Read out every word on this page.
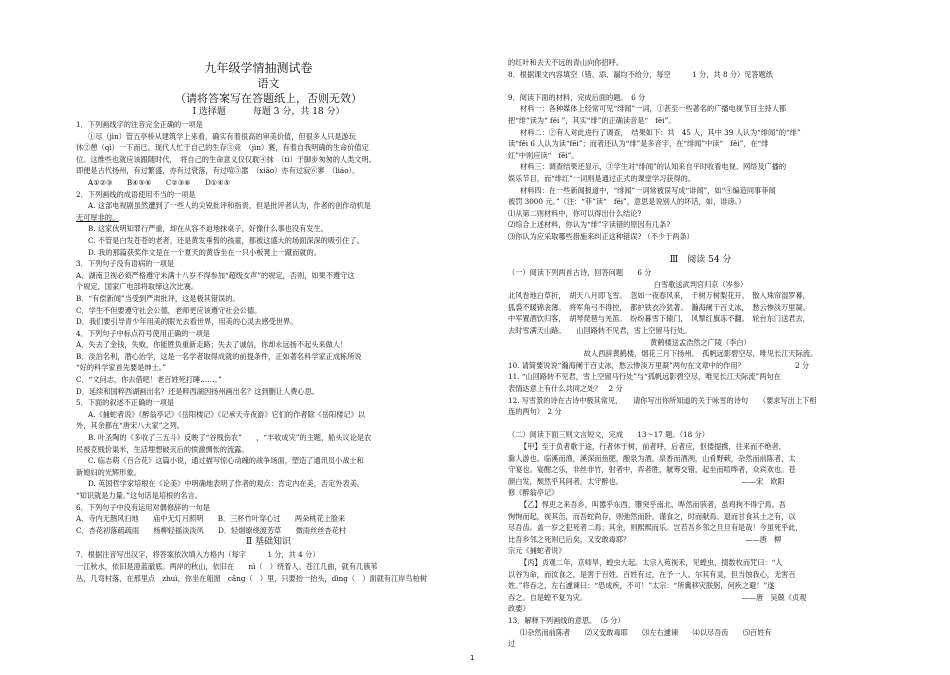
九年级学情抽测试卷
语文
（请将答案写在答题纸上，否则无效）
Ⅰ 选择题　　　每题 3 分，共 18 分）
1．下列画线字的注音完全正确的一项是
①尽（jìn）管五亭桥从建筑学上来看，确实有着很高的审美价值，但很多人只是游玩
休②憩（qì）一下而已。现代人忙于自己的生存③竞　（jìn）赛，有着自我明确的生命价值定
位。这维些也就应该跟随时代，　将自己的生命意义仅仅耽④抹　（tì）于脚步匆匆的人类文明。
即便是古代扬州，有过繁盛，亦有过衰落，有过喧⑤嚣　（xiāo）亦有过寂⑥寥　（liáo）。
A①②③　　B④⑤⑥　　C②③⑥　　D①④⑤
2．下列画线的成语使用不当的一项是
A. 这部电视剧虽然遭到了一些人的尖锐批评和指责，但是批评者认为，作者的创作动机是
无可厚非的。
B. 这家伙明知罪行严重，却在从容不迫地抹桌子，好像什么事也没有发生。
C. 不管是白发苍苍的老者，还是黄发垂髫的孩童，都被这盛大的场面深深的吸引住了。
D. 我的那篇获奖作文是在一个夏天的黄昏坐在一只小板凳上一蹴而就的。
3．下列句子没有语病的一项是
A．湖南卫视必须严格遵守未满十八岁不得参加“超级女声”的规定，否则，如果不遵守这
个规定，国家广电部将取缔这次比赛。
B．“有偿新闻”当受到严肃批评，这是极其错误的。
C．学生不但要遵守社会公德，老师更应该遵守社会公德。
D．我们要引导青少年用美的眼光去看世界，用美的心灵去感受世界。
4．下列句子中标点符号使用正确的一项是
A．失去了金钱，失败，你能胜负重新走路；失去了诚信，你却永远扬不起头来做人！
B．淡泊名利，潜心治学，这是一名学者取得成就的前提条件，正如著名科学家正成栋所说
“好的科学家首先要是绅士。”
C．“文问志，你去借吧！老百姓死打睡……。”
D．延续和国粹西湖画出名？还是粹西湖因扬州画出名？这到删让人费心思。
5．下面的叙述不正确的一项是
A.《捕蛇者说》《醉翁亭记》《岳阳楼记》《记承天寺夜游》它们的作者除《岳阳楼记》以
外，其余都在“唐宋八大家”之列。
B. 叶圣陶的《多收了三五斗》反映了“谷贱伤农”　　，“丰收成灾”的主题，船头议论是农
民被克贱价渠米，生活埋想破灭后的愤激惆怅的流露。
C. 临志萌《百合花》这篇小说，通过描写惊心动魄的战争场面，塑造了通讯员小战士和
新媳妇的光辉形象。
D. 英国哲学家培根在《论美》中明确地表明了作者的观点：肯定内在美，否定外表美。
“知识就是力量。”这句话是培根的名言。
6．下列句子中没有运用对偶修辞的一句是
A．寺内无鹊风扫地　　庙中无灯月照明　　B．三杯竹叶穿心过　　两朵桃花上脸来
C．杏花初落疏疏雨　　杨柳轻摇淡淡风　　D．轻烟缭绕渡芳草　　微雨丝丝杏花村
Ⅱ 基础知识
7．根据注音写出汉字，将答案依次填入方格内（每字　　　1 分，共 4 分）
一江秋水，依旧是澄蓝澈底。两岸的秋山，依旧在　　nì（　）绕着人。苍江几曲，就有几簇苇
丛，几弯村落，在那里点　zhuì，你坐在船窗　cǎng（　）里，只要抬一抬头，dìng（　）面就有江岸鸟柏树
的红叶和去天不远的青山向你招呼。
8．根据课文内容填空（错、添、漏均不给分，每空　　　1 分，共 8 分）见答题纸
9．阅读下面的材料，完成后面的题。　6 分
材料一：各种媒体上经常可见“绯闻”一词，①甚至一些著名的广播电视节目主持人都
把“绯”读为“ fěi ”，其实“绯”的正确读音是“　fēi”。
材料二：②有人对此进行了调查，　结果如下：共　45 人，其中 39 人认为“绯闻”的“绯”
读“fěi 6 人认为读“fēi”；而者还认为“绯”是多音字，在“绯闻”中读“　fěi”，在“绯
红”中则应读“　fēi”。
材料三：调查结果还显示，③学生对“绯闻”的认知来自平时收看电视、网络及广播的
娱乐节目，而“绯红”一词则是通过正式的课堂学习获得的。
材料四：在一些新闻报道中，“绯闻”一词常被误写成“诽闻”，如“④编造同事菲闻
被罚 3000 元。”（注：“菲”读“　fěi”，意思是说别人的坏话，如，诽谤。）
⑴从第二则材料中，你可以得出什么结论?
⑵综合上述材料，你认为“绯”字读错的原因有几条?
⑶你认为应采取哪些措施来纠正这种错误? （不少于两条）
Ⅲ　阅读 54 分
（一）阅读下列两首古诗，回答问题　　6 分
白雪歌送武判官归京（岑参）
北风卷地白草折，　胡天八月即飞雪。　忽如一夜春风来，　千树万树梨花开。　散入珠帘湿罗幕，
狐裘不暖锦衾薄。　将军角弓不得控，　都护铁衣冷犹著。　瀚海阑干百丈冰，　愁云惨淡万里凝。
中军置酒饮归客，　胡琴琵琶与羌笛。　纷纷暮雪下辕门，　风掣红旗冻不翻。　轮台东门送君去，
去时雪满天山路。　　山回路转不见君，雪上空留马行处。
黄鹤楼送孟浩然之广陵（李白）
故人西辞黄鹤楼，烟花三月下扬州。　孤帆远影碧空尽，唯见长江天际流。
10. 请简要说说“瀚海阑干百丈冰，愁云惨淡万里凝”两句在文章中的作用？　　　　　　　2 分
11. “山回路转不见君，雪上空留马行处”与“孤帆远影碧空尽，唯见长江天际流”两句在
表情达意上有什么共同之处？　2 分
12. 写雪景的诗在古诗中极其常见，　　请你写出你所知道的关于咏雪的诗句　　（要求写出上下相
连的两句）　2 分
（二）阅读下面三则文言短文，完成　　13～17 题。（18 分）
【甲】至于负者歌于途，行者休于树，前者呼，后者应，伛偻提携，往来而不绝者，
滁人游也。临溪而渔，溪深而鱼肥，酿泉为酒，泉香而酒洌，山肴野蔌，杂然而前陈者，太
守宴也。宴酣之乐，非丝非竹，射者中，弈者胜，觥筹交错，起坐而喧哗者，众宾欢也。苍
颜白发，颓然乎其间者，太守醉也。　　　　　　　　　　　　　　　　　——宋　欧阳
修《醉翁亭记》
【乙】悍吏之来吾乡，叫嚣乎东西，隳突乎南北，哗然而骇者，虽鸡狗不得宁焉。吾
恂恂而起，视其缶，而吾蛇尚存，则弛然而卧。谨食之，时而献焉。退而甘食其土之有，以
尽吾齿。盖一岁之犯死者二焉；其余，则熙熙而乐。岂若吾乡邻之旦旦有是哉！今虽死乎此，
比吾乡邻之死则已后矣，又安敢毒耶？　　　　　　　　　　　　　　　　——唐　柳
宗元《捕蛇者说》
【丙】贞观二年，京师旱，蝗虫大起。太宗入苑视禾，见蝗虫，掇数枚而咒曰：“人
以谷为命，而汝食之，是害于百姓。百姓有过，在予一人。尔其有灵，但当蚀我心，无害百
姓。”将吞之，左右遽谏曰：“恐成疾，不可！”太宗：“所冀移灾朕躬，何疾之避！”遂
吞之。自是蝗不复为灾。　　　　　　　　　　　　　　　　　　　　　　——唐　吴兢《贞观
政要》
13．解释下列画线的意思。　（5 分）
⑴杂然而前陈者　　⑵又安敢毒耶　　⑶左右遽谏　　⑷以尽吾齿　　⑸百姓有
过
1
